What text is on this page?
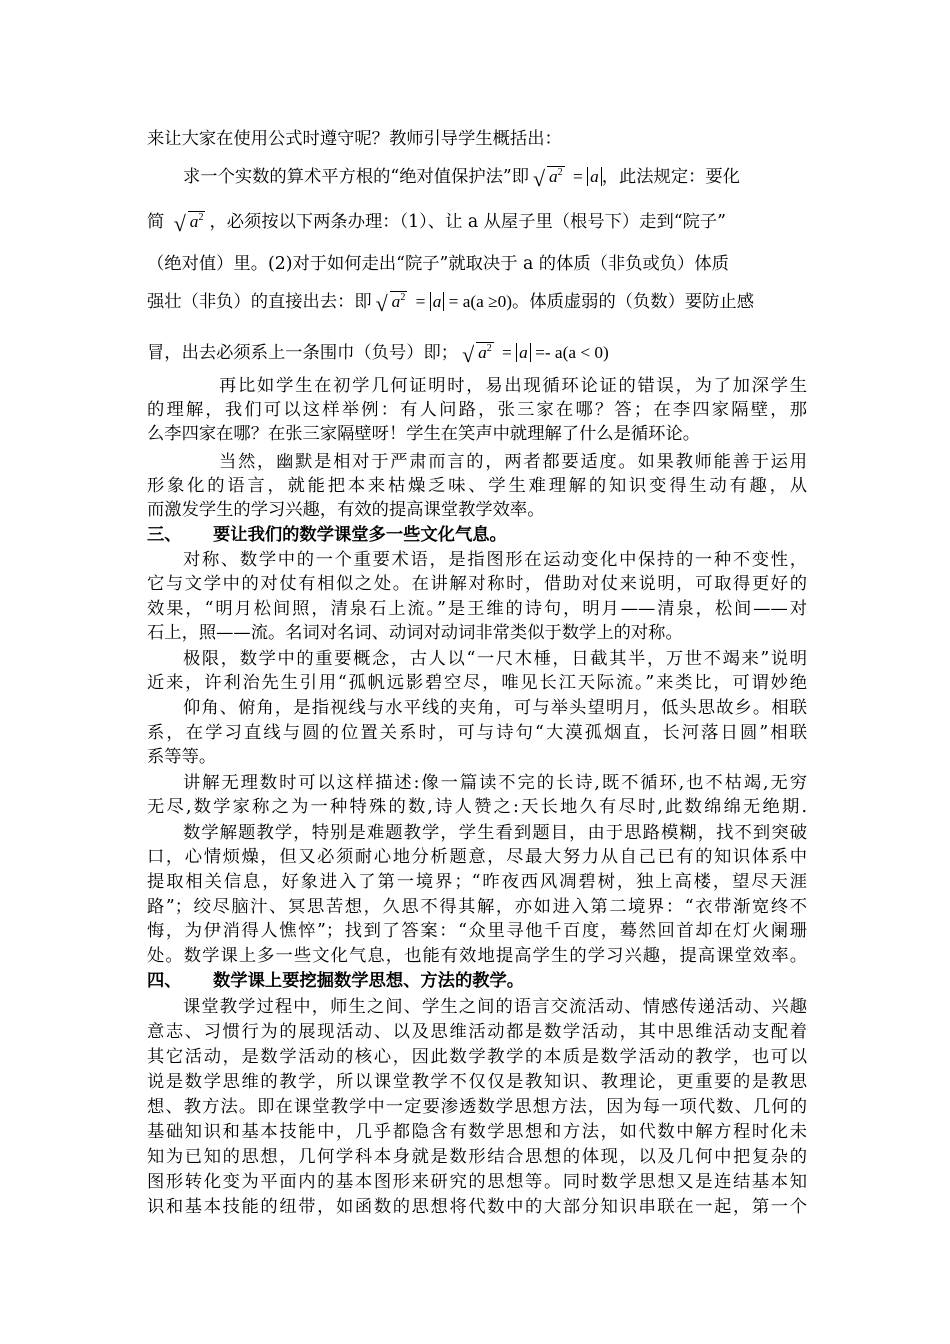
来让大家在使用公式时遵守呢？教师引导学生概括出：
求一个实数的算术平方根的“绝对值保护法”即 √ $a^2 = a$ ，此法规定：要化
简 √ $a^2$ ，必须按以下两条办理：（1）、让 a 从屋子里（根号下）走到“院子”
（绝对值）里。(2)对于如何走出“院子”就取决于 a 的体质（非负或负）体质
强壮（非负）的直接出去：即 √ $a^2 = a = a(a \ge 0)$。体质虚弱的（负数）要防止感
冒，出去必须系上一条围巾（负号）即； √ $a^2 = a =- a(a < 0)$
再比如学生在初学几何证明时，易出现循环论证的错误，为了加深学生
的理解，我们可以这样举例：有人问路，张三家在哪？答；在李四家隔壁，那
么李四家在哪？在张三家隔壁呀！学生在笑声中就理解了什么是循环论。
当然，幽默是相对于严肃而言的，两者都要适度。如果教师能善于运用
形象化的语言，就能把本来枯燥乏味、学生难理解的知识变得生动有趣，从
而激发学生的学习兴趣，有效的提高课堂教学效率。
三、 要让我们的数学课堂多一些文化气息。
对称、数学中的一个重要术语，是指图形在运动变化中保持的一种不变性，
它与文学中的对仗有相似之处。在讲解对称时，借助对仗来说明，可取得更好的
效果，“明月松间照，清泉石上流。”是王维的诗句，明月——清泉，松间——对
石上，照——流。名词对名词、动词对动词非常类似于数学上的对称。
极限，数学中的重要概念，古人以“一尺木棰，日截其半，万世不竭来”说明
近来，许利治先生引用“孤帆远影碧空尽，唯见长江天际流。”来类比，可谓妙绝
仰角、俯角，是指视线与水平线的夹角，可与举头望明月，低头思故乡。相联
系，在学习直线与圆的位置关系时，可与诗句“大漠孤烟直，长河落日圆”相联
系等等。
讲解无理数时可以这样描述:像一篇读不完的长诗,既不循环,也不枯竭,无穷
无尽,数学家称之为一种特殊的数,诗人赞之:天长地久有尽时,此数绵绵无绝期.
数学解题教学，特别是难题教学，学生看到题目，由于思路模糊，找不到突破
口，心情烦燥，但又必须耐心地分析题意，尽最大努力从自己已有的知识体系中
提取相关信息，好象进入了第一境界；“昨夜西风凋碧树，独上高楼，望尽天涯
路”；绞尽脑汁、冥思苦想，久思不得其解，亦如进入第二境界：“衣带渐宽终不
悔，为伊消得人憔悴”；找到了答案：“众里寻他千百度，蓦然回首却在灯火阑珊
处。数学课上多一些文化气息，也能有效地提高学生的学习兴趣，提高课堂效率。
四、 数学课上要挖掘数学思想、方法的教学。
课堂教学过程中，师生之间、学生之间的语言交流活动、情感传递活动、兴趣
意志、习惯行为的展现活动、以及思维活动都是数学活动，其中思维活动支配着
其它活动，是数学活动的核心，因此数学教学的本质是数学活动的教学，也可以
说是数学思维的教学，所以课堂教学不仅仅是教知识、教理论，更重要的是教思
想、教方法。即在课堂教学中一定要渗透数学思想方法，因为每一项代数、几何的
基础知识和基本技能中，几乎都隐含有数学思想和方法，如代数中解方程时化未
知为已知的思想，几何学科本身就是数形结合思想的体现，以及几何中把复杂的
图形转化变为平面内的基本图形来研究的思想等。同时数学思想又是连结基本知
识和基本技能的纽带，如函数的思想将代数中的大部分知识串联在一起，第一个
